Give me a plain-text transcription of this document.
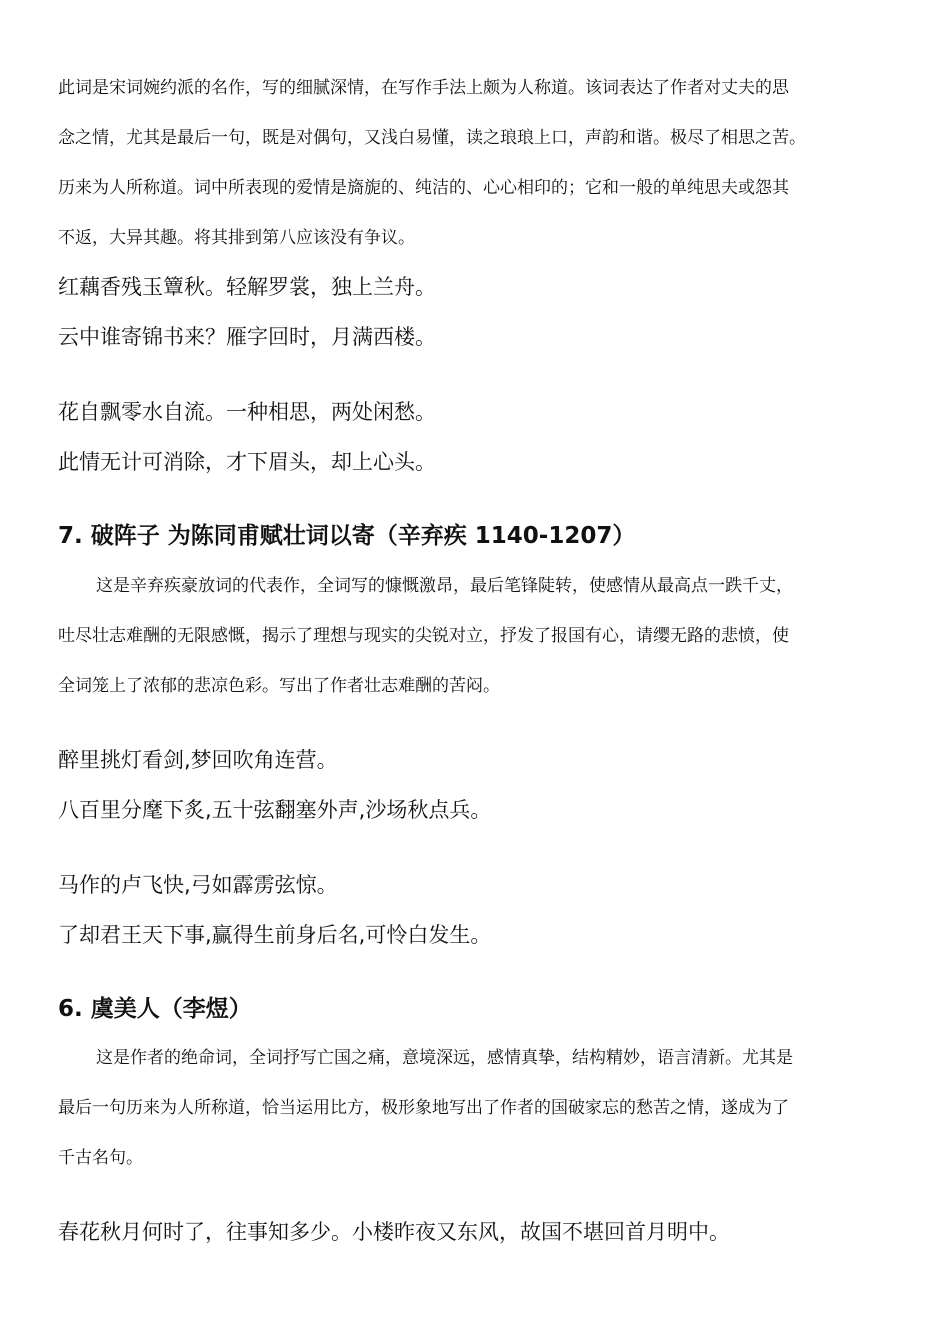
此词是宋词婉约派的名作，写的细腻深情，在写作手法上颇为人称道。该词表达了作者对丈夫的思

念之情，尤其是最后一句，既是对偶句，又浅白易懂，读之琅琅上口，声韵和谐。极尽了相思之苦。

历来为人所称道。词中所表现的爱情是旖旎的、纯洁的、心心相印的；它和一般的单纯思夫或怨其

不返，大异其趣。将其排到第八应该没有争议。

红藕香残玉簟秋。轻解罗裳，独上兰舟。

云中谁寄锦书来？雁字回时，月满西楼。

花自飘零水自流。一种相思，两处闲愁。

此情无计可消除，才下眉头，却上心头。

7. 破阵子 为陈同甫赋壮词以寄（辛弃疾 1140-1207）

这是辛弃疾豪放词的代表作，全词写的慷慨激昂，最后笔锋陡转，使感情从最高点一跌千丈，

吐尽壮志难酬的无限感慨，揭示了理想与现实的尖锐对立，抒发了报国有心，请缨无路的悲愤，使

全词笼上了浓郁的悲凉色彩。写出了作者壮志难酬的苦闷。

醉里挑灯看剑,梦回吹角连营。

八百里分麾下炙,五十弦翻塞外声,沙场秋点兵。

马作的卢飞快,弓如霹雳弦惊。

了却君王天下事,赢得生前身后名,可怜白发生。

6. 虞美人（李煜）

这是作者的绝命词，全词抒写亡国之痛，意境深远，感情真挚，结构精妙，语言清新。尤其是

最后一句历来为人所称道，恰当运用比方，极形象地写出了作者的国破家忘的愁苦之情，遂成为了

千古名句。

春花秋月何时了，往事知多少。小楼昨夜又东风，故国不堪回首月明中。
